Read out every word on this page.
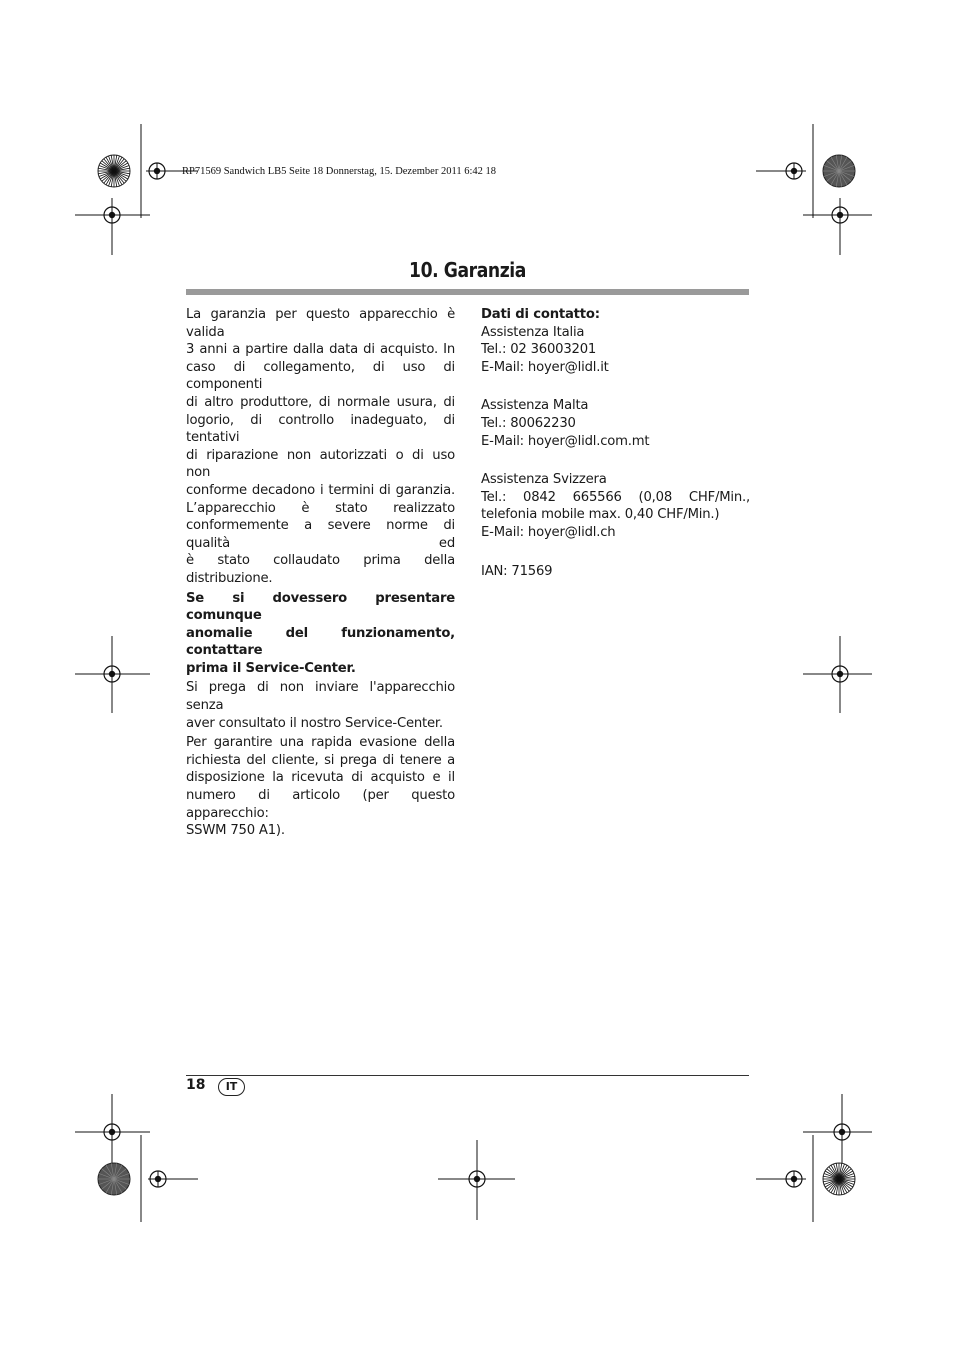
RP71569 Sandwich LB5 Seite 18 Donnerstag, 15. Dezember 2011 6:42 18
10. Garanzia

La garanzia per questo apparecchio è valida

3 anni a partire dalla data di acquisto. In

caso di collegamento, di uso di componenti

di altro produttore, di normale usura, di

logorio, di controllo inadeguato, di tentativi

di riparazione non autorizzati o di uso non

conforme decadono i termini di garanzia.

L’apparecchio è stato realizzato

conformemente a severe norme di qualità ed

è stato collaudato prima della distribuzione.

Se si dovessero presentare comunque

anomalie del funzionamento, contattare

prima il Service-Center.

Si prega di non inviare l'apparecchio senza

aver consultato il nostro Service-Center.

Per garantire una rapida evasione della

richiesta del cliente, si prega di tenere a

disposizione la ricevuta di acquisto e il

numero di articolo (per questo apparecchio:

SSWM 750 A1).

Dati di contatto:

Assistenza Italia

Tel.: 02 36003201

E-Mail: hoyer@lidl.it

Assistenza Malta

Tel.: 80062230

E-Mail: hoyer@lidl.com.mt

Assistenza Svizzera

Tel.: 0842 665566 (0,08 CHF/Min.,

telefonia mobile max. 0,40 CHF/Min.)

E-Mail: hoyer@lidl.ch

IAN: 71569

18	IT
